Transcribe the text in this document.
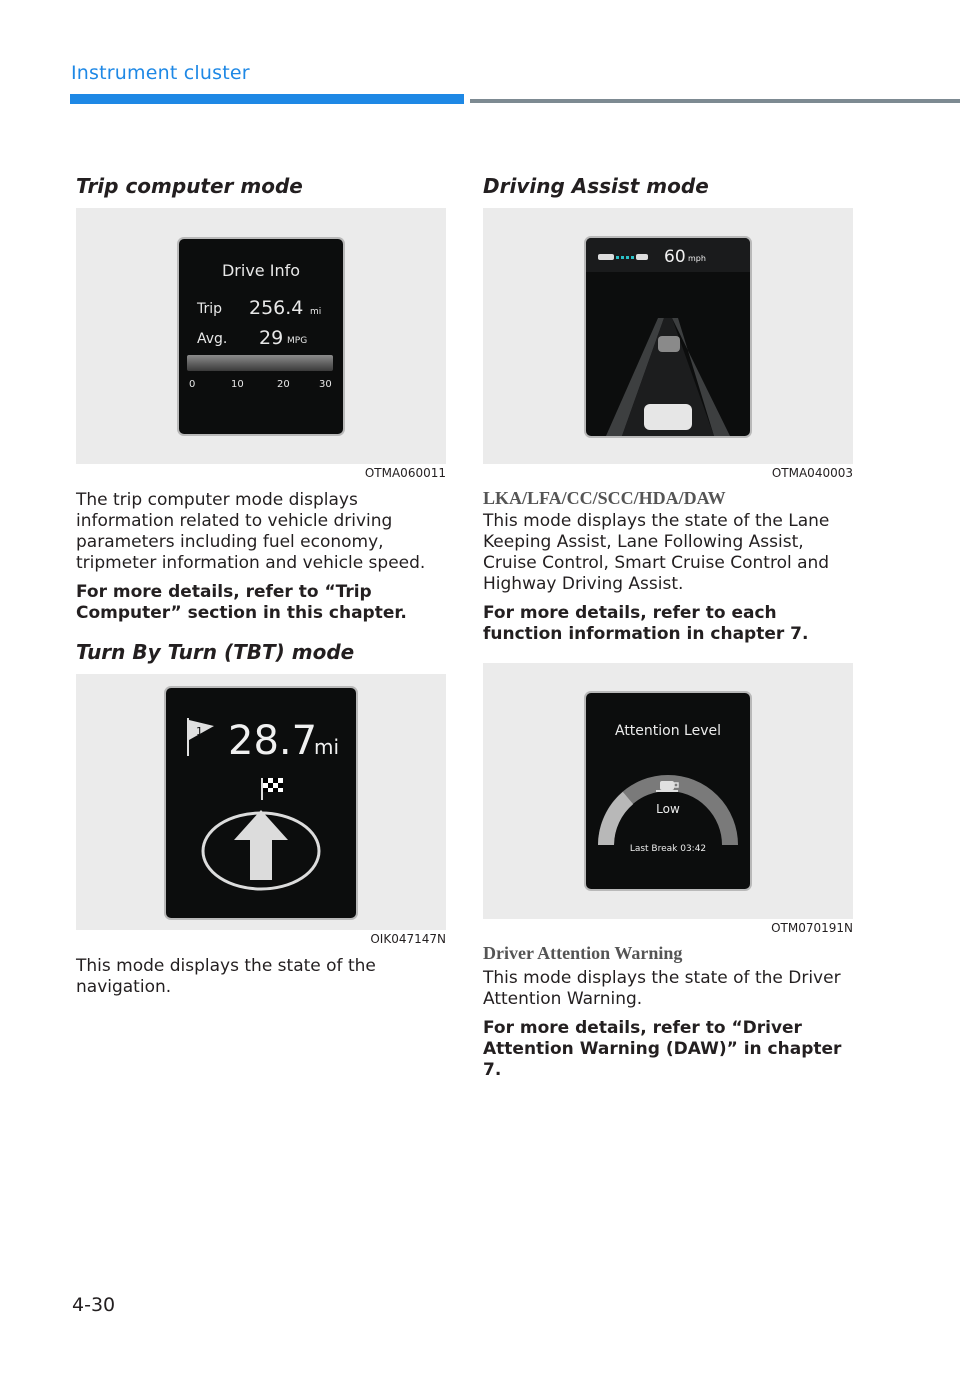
Instrument cluster
Trip computer mode
Drive Info
Trip 256.4 mi
Avg. 29 MPG
0	10	20	30
OTMA060011

The trip computer mode displays information related to vehicle driving parameters including fuel economy, tripmeter information and vehicle speed.

For more details, refer to “Trip Computer” section in this chapter.

Turn By Turn (TBT) mode
1 28.7
mi
OIK047147N

This mode displays the state of the navigation.

Driving Assist mode
60 mph
OTMA040003
LKA/LFA/CC/SCC/HDA/DAW

This mode displays the state of the Lane Keeping Assist, Lane Following Assist, Cruise Control, Smart Cruise Control and Highway Driving Assist.

For more details, refer to each function information in chapter 7.

Attention Level
Low
Last Break 03:42
OTM070191N
Driver Attention Warning

This mode displays the state of the Driver Attention Warning.

For more details, refer to “Driver Attention Warning (DAW)” in chapter 7.

4-30
